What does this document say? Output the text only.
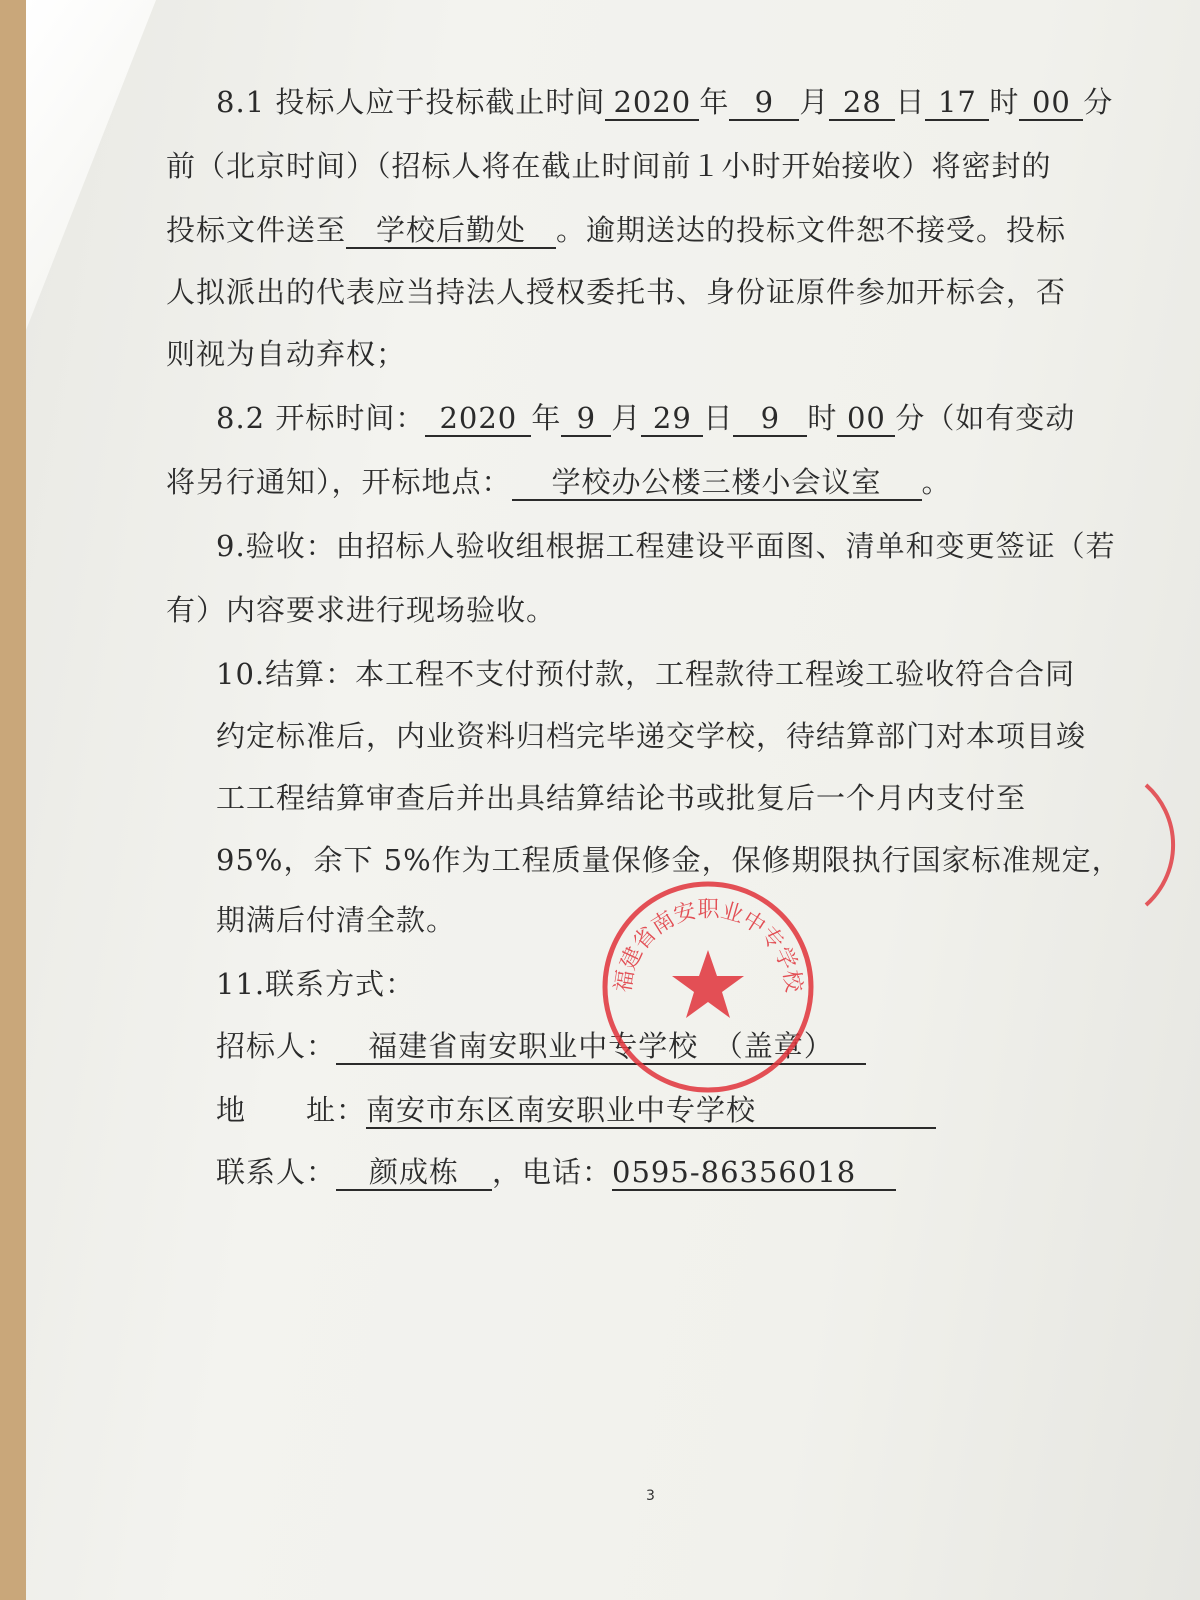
8.1 投标人应于投标截止时间 2020 年 9 月 28 日 17 时 00 分
前（北京时间）（招标人将在截止时间前１小时开始接收）将密封的
投标文件送至 学校后勤处 。逾期送达的投标文件恕不接受。投标
人拟派出的代表应当持法人授权委托书、身份证原件参加开标会，否
则视为自动弃权；
8.2 开标时间： 2020 年 9 月 29 日 9 时 00 分（如有变动
将另行通知），开标地点： 学校办公楼三楼小会议室 。
9.验收：由招标人验收组根据工程建设平面图、清单和变更签证（若
有）内容要求进行现场验收。
10.结算：本工程不支付预付款，工程款待工程竣工验收符合合同
约定标准后，内业资料归档完毕递交学校，待结算部门对本项目竣
工工程结算审查后并出具结算结论书或批复后一个月内支付至
95%，余下 5%作为工程质量保修金，保修期限执行国家标准规定，
期满后付清全款。
11.联系方式：
招标人： 福建省南安职业中专学校　（盖章）
地　　址：南安市东区南安职业中专学校
联系人： 颜成栋 ，电话：0595-86356018
福建省南安职业中专学校
3
